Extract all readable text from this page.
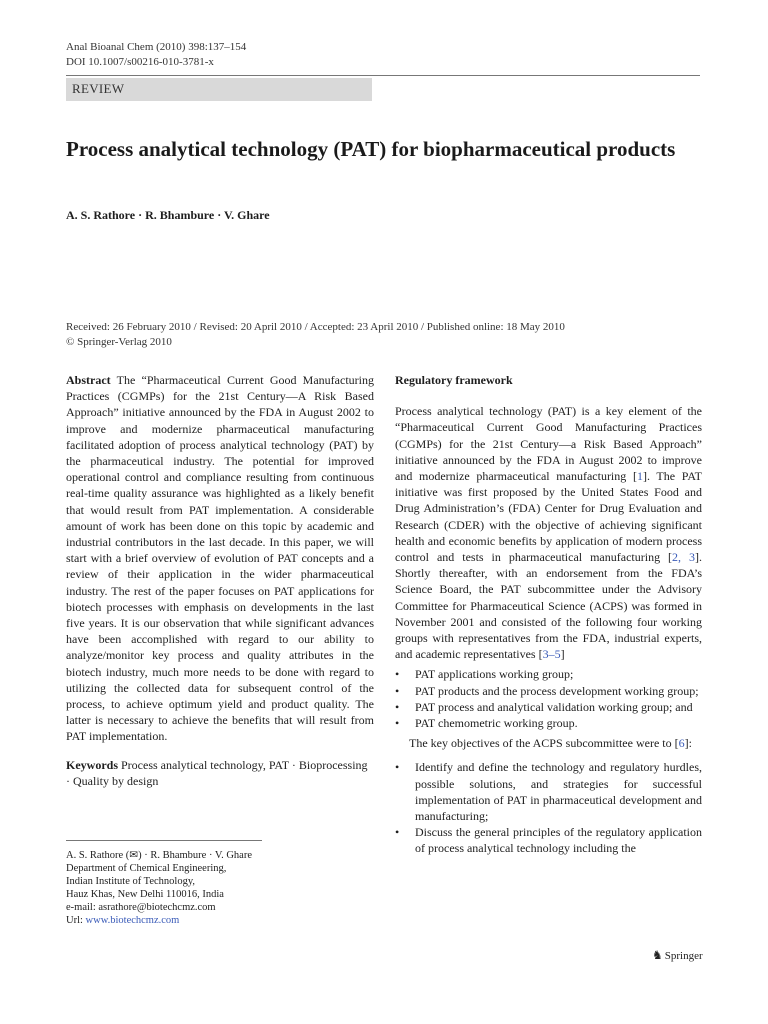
Anal Bioanal Chem (2010) 398:137–154
DOI 10.1007/s00216-010-3781-x
REVIEW
Process analytical technology (PAT) for biopharmaceutical products
A. S. Rathore · R. Bhambure · V. Ghare
Received: 26 February 2010 / Revised: 20 April 2010 / Accepted: 23 April 2010 / Published online: 18 May 2010
© Springer-Verlag 2010

Abstract The “Pharmaceutical Current Good Manufacturing Practices (CGMPs) for the 21st Century—A Risk Based Approach” initiative announced by the FDA in August 2002 to improve and modernize pharmaceutical manufacturing facilitated adoption of process analytical technology (PAT) by the pharmaceutical industry. The potential for improved operational control and compliance resulting from continuous real-time quality assurance was highlighted as a likely benefit that would result from PAT implementation. A considerable amount of work has been done on this topic by academic and industrial contributors in the last decade. In this paper, we will start with a brief overview of evolution of PAT concepts and a review of their application in the wider pharmaceutical industry. The rest of the paper focuses on PAT applications for biotech processes with emphasis on developments in the last five years. It is our observation that while significant advances have been accomplished with regard to our ability to analyze/monitor key process and quality attributes in the biotech industry, much more needs to be done with regard to utilizing the collected data for subsequent control of the process, to achieve optimum yield and product quality. The latter is necessary to achieve the benefits that will result from PAT implementation.

Keywords Process analytical technology, PAT · Bioprocessing · Quality by design

A. S. Rathore (✉) · R. Bhambure · V. Ghare
Department of Chemical Engineering,
Indian Institute of Technology,
Hauz Khas, New Delhi 110016, India
e-mail: asrathore@biotechcmz.com
Url: www.biotechcmz.com
Regulatory framework

Process analytical technology (PAT) is a key element of the “Pharmaceutical Current Good Manufacturing Practices (CGMPs) for the 21st Century—a Risk Based Approach” initiative announced by the FDA in August 2002 to improve and modernize pharmaceutical manufacturing [1]. The PAT initiative was first proposed by the United States Food and Drug Administration’s (FDA) Center for Drug Evaluation and Research (CDER) with the objective of achieving significant health and economic benefits by application of modern process control and tests in pharmaceutical manufacturing [2, 3]. Shortly thereafter, with an endorsement from the FDA’s Science Board, the PAT subcommittee under the Advisory Committee for Pharmaceutical Science (ACPS) was formed in November 2001 and consisted of the following four working groups with representatives from the FDA, industrial experts, and academic representatives [3–5]

• PAT applications working group;
• PAT products and the process development working group;
• PAT process and analytical validation working group; and
• PAT chemometric working group.

The key objectives of the ACPS subcommittee were to [6]:

• Identify and define the technology and regulatory hurdles, possible solutions, and strategies for successful implementation of PAT in pharmaceutical development and manufacturing;
• Discuss the general principles of the regulatory application of process analytical technology including the
♞ Springer
